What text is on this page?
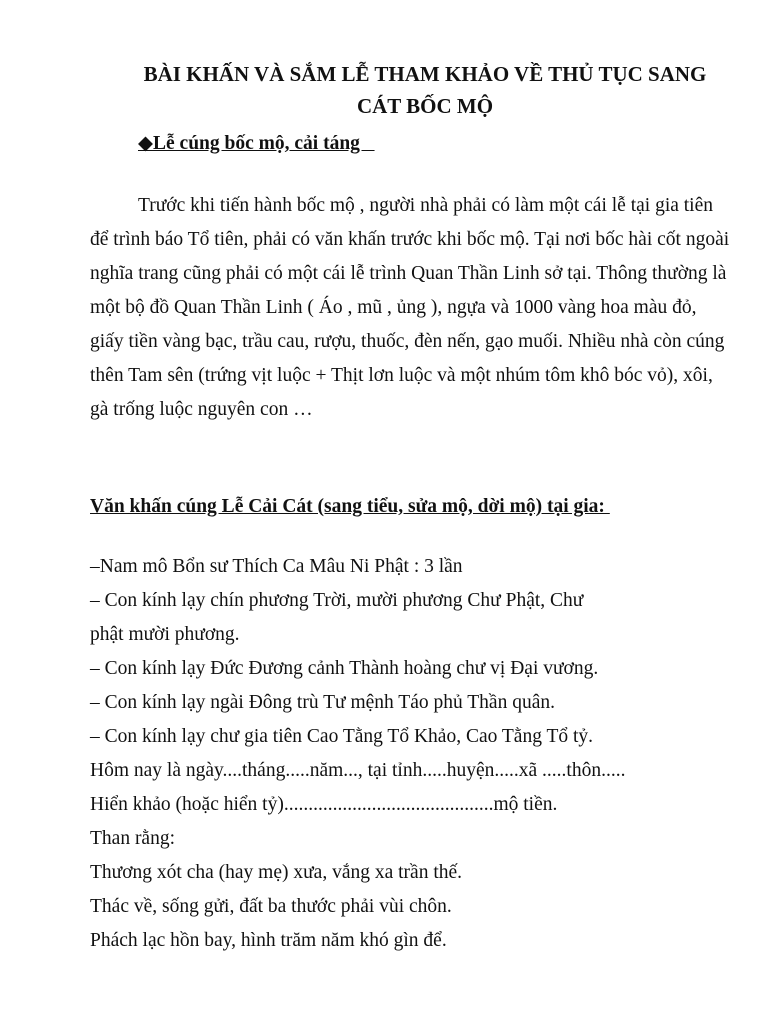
BÀI KHẤN VÀ SẮM LỄ THAM KHẢO VỀ THỦ TỤC SANG
CÁT BỐC MỘ
◆Lễ cúng bốc mộ, cải táng

Trước khi tiến hành bốc mộ , người nhà phải có làm một cái lễ tại gia tiên để trình báo Tổ tiên, phải có văn khấn trước khi bốc mộ. Tại nơi bốc hài cốt ngoài nghĩa trang cũng phải có một cái lễ trình Quan Thần Linh sở tại. Thông thường là một bộ đồ Quan Thần Linh ( Áo , mũ , ủng ), ngựa và 1000 vàng hoa màu đỏ, giấy tiền vàng bạc, trầu cau, rượu, thuốc, đèn nến, gạo muối. Nhiều nhà còn cúng thên Tam sên (trứng vịt luộc + Thịt lơn luộc và một nhúm tôm khô bóc vỏ), xôi, gà trống luộc nguyên con …

Văn khấn cúng Lễ Cải Cát (sang tiểu, sửa mộ, dời mộ) tại gia:
–Nam mô Bổn sư Thích Ca Mâu Ni Phật : 3 lần
– Con kính lạy chín phương Trời, mười phương Chư Phật, Chư
phật mười phương.
– Con kính lạy Đức Đương cảnh Thành hoàng chư vị Đại vương.
– Con kính lạy ngài Đông trù Tư mệnh Táo phủ Thần quân.
– Con kính lạy chư gia tiên Cao Tằng Tổ Khảo, Cao Tằng Tổ tỷ.
Hôm nay là ngày....tháng.....năm..., tại tỉnh.....huyện.....xã .....thôn.....
Hiển khảo (hoặc hiển tỷ)...........................................mộ tiền.
Than rằng:
Thương xót cha (hay mẹ) xưa, vắng xa trần thế.
Thác về, sống gửi, đất ba thước phải vùi chôn.
Phách lạc hồn bay, hình trăm năm khó gìn để.
